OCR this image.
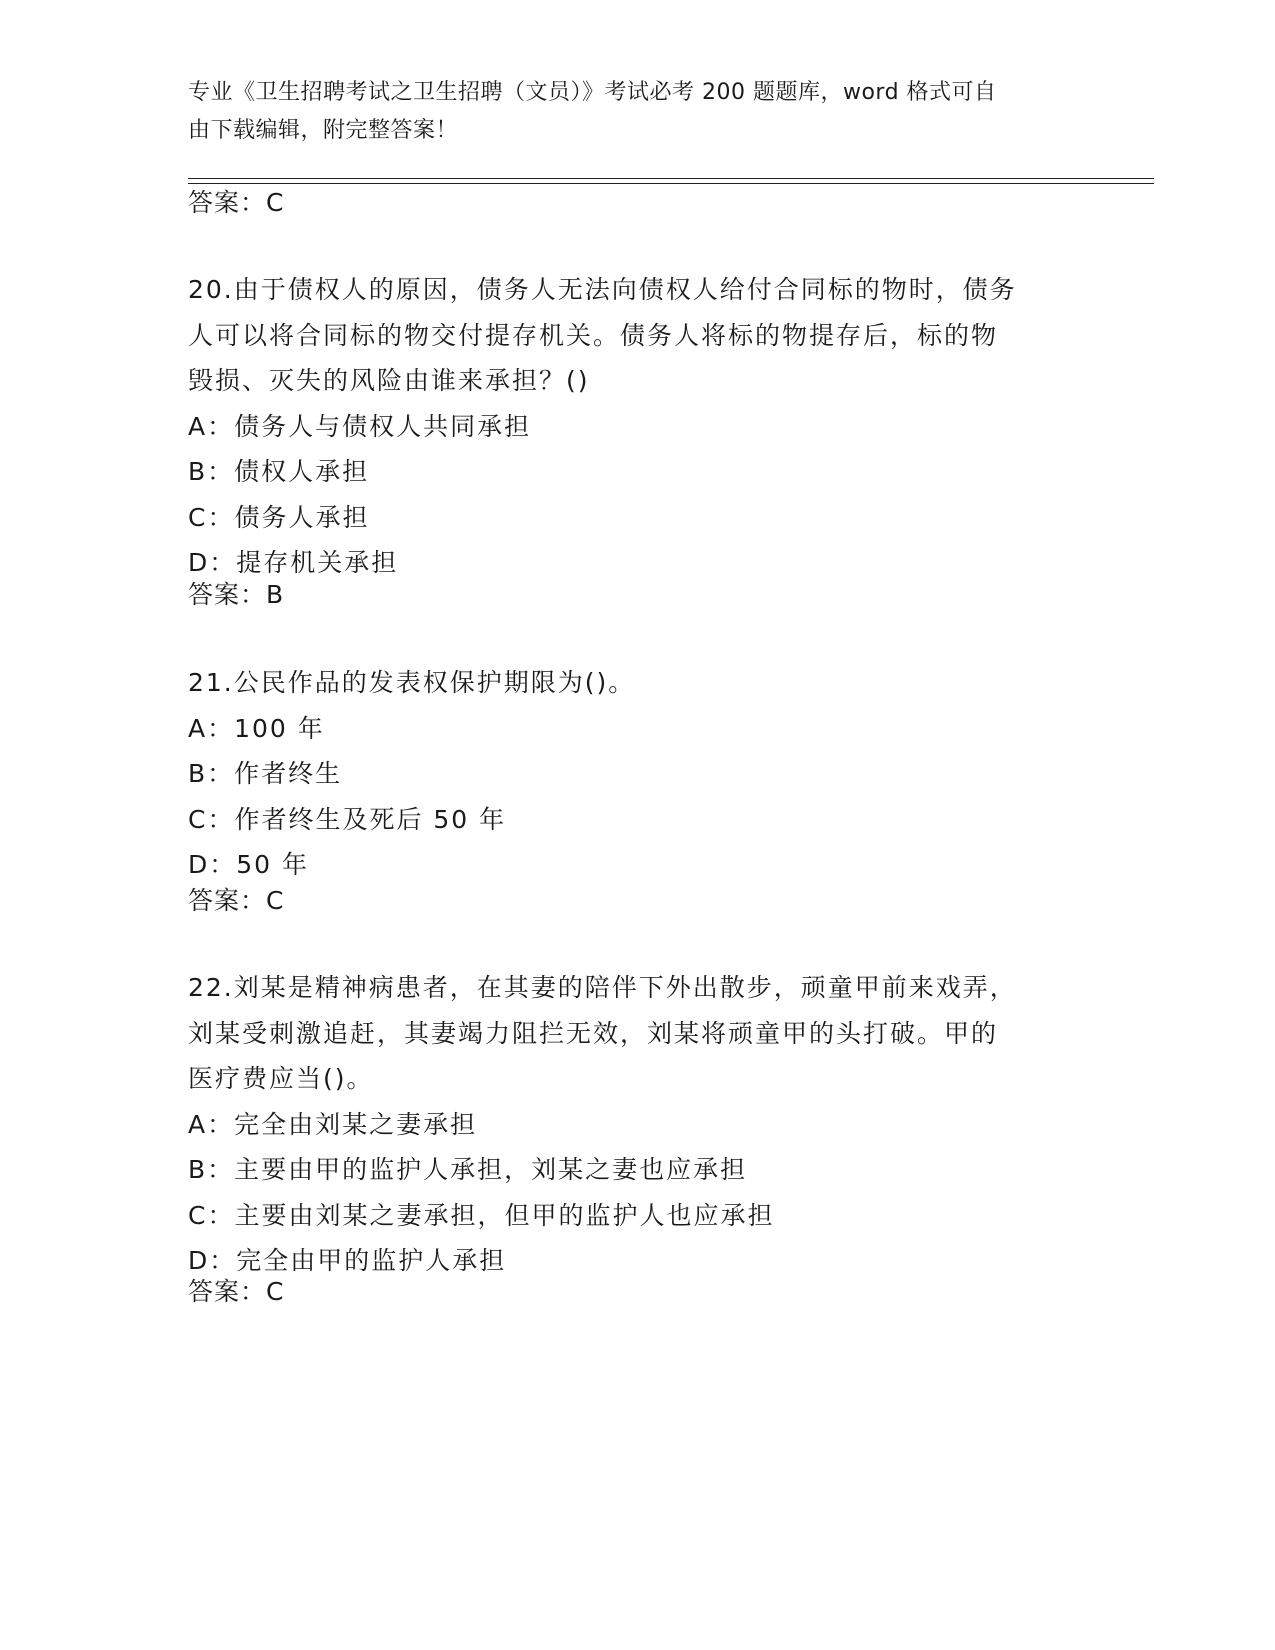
专业《卫生招聘考试之卫生招聘（文员）》考试必考 200 题题库，word 格式可自
由下载编辑，附完整答案！
答案：C
20.由于债权人的原因，债务人无法向债权人给付合同标的物时，债务
人可以将合同标的物交付提存机关。债务人将标的物提存后，标的物
毁损、灭失的风险由谁来承担？()
A：债务人与债权人共同承担
B：债权人承担
C：债务人承担
D：提存机关承担
答案：B
21.公民作品的发表权保护期限为()。
A：100 年
B：作者终生
C：作者终生及死后 50 年
D：50 年
答案：C
22.刘某是精神病患者，在其妻的陪伴下外出散步，顽童甲前来戏弄，
刘某受刺激追赶，其妻竭力阻拦无效，刘某将顽童甲的头打破。甲的
医疗费应当()。
A：完全由刘某之妻承担
B：主要由甲的监护人承担，刘某之妻也应承担
C：主要由刘某之妻承担，但甲的监护人也应承担
D：完全由甲的监护人承担
答案：C
